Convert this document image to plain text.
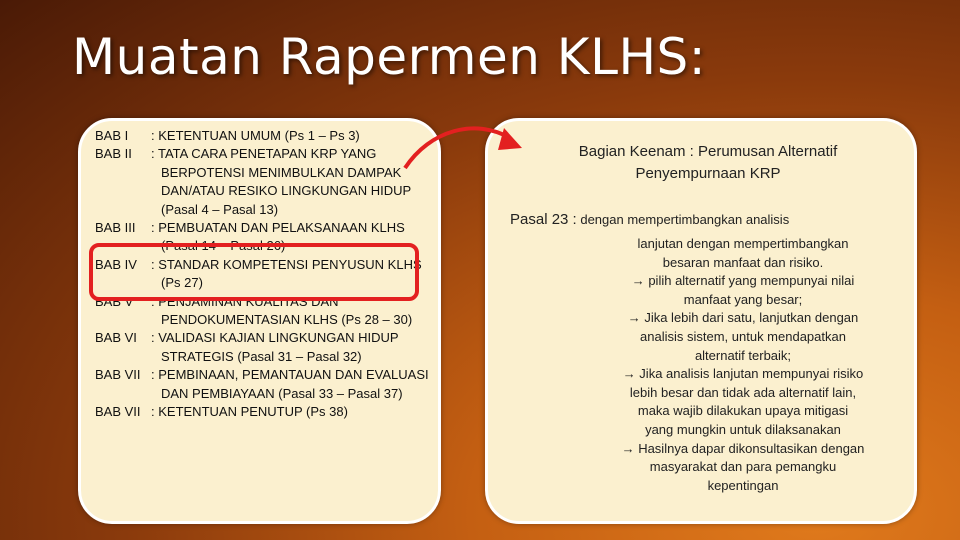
Muatan Rapermen KLHS:
BAB I	: KETENTUAN UMUM (Ps 1 – Ps 3)
BAB II	: TATA CARA PENETAPAN KRP YANG BERPOTENSI MENIMBULKAN DAMPAK DAN/ATAU RESIKO LINGKUNGAN HIDUP (Pasal 4 – Pasal 13)
BAB III	: PEMBUATAN DAN PELAKSANAAN KLHS (Pasal 14 – Pasal 26)
BAB IV	: STANDAR KOMPETENSI PENYUSUN KLHS (Ps 27)
BAB V	: PENJAMINAN KUALITAS DAN PENDOKUMENTASIAN KLHS (Ps 28 – 30)
BAB VI	: VALIDASI KAJIAN LINGKUNGAN HIDUP STRATEGIS (Pasal 31 – Pasal 32)
BAB VII : PEMBINAAN, PEMANTAUAN DAN EVALUASI DAN PEMBIAYAAN (Pasal 33 – Pasal 37)
BAB VII : KETENTUAN PENUTUP (Ps 38)
Bagian Keenam : Perumusan Alternatif
Penyempurnaan KRP
Pasal 23 : dengan mempertimbangkan analisis
lanjutan dengan mempertimbangkan
besaran manfaat dan risiko.
→ pilih alternatif yang mempunyai nilai
manfaat yang besar;
→ Jika lebih dari satu, lanjutkan dengan
analisis sistem, untuk mendapatkan
alternatif terbaik;
→ Jika analisis lanjutan mempunyai risiko
lebih besar dan tidak ada alternatif lain,
maka wajib dilakukan upaya mitigasi
yang mungkin untuk dilaksanakan
→ Hasilnya dapar dikonsultasikan dengan
masyarakat dan para pemangku
kepentingan
